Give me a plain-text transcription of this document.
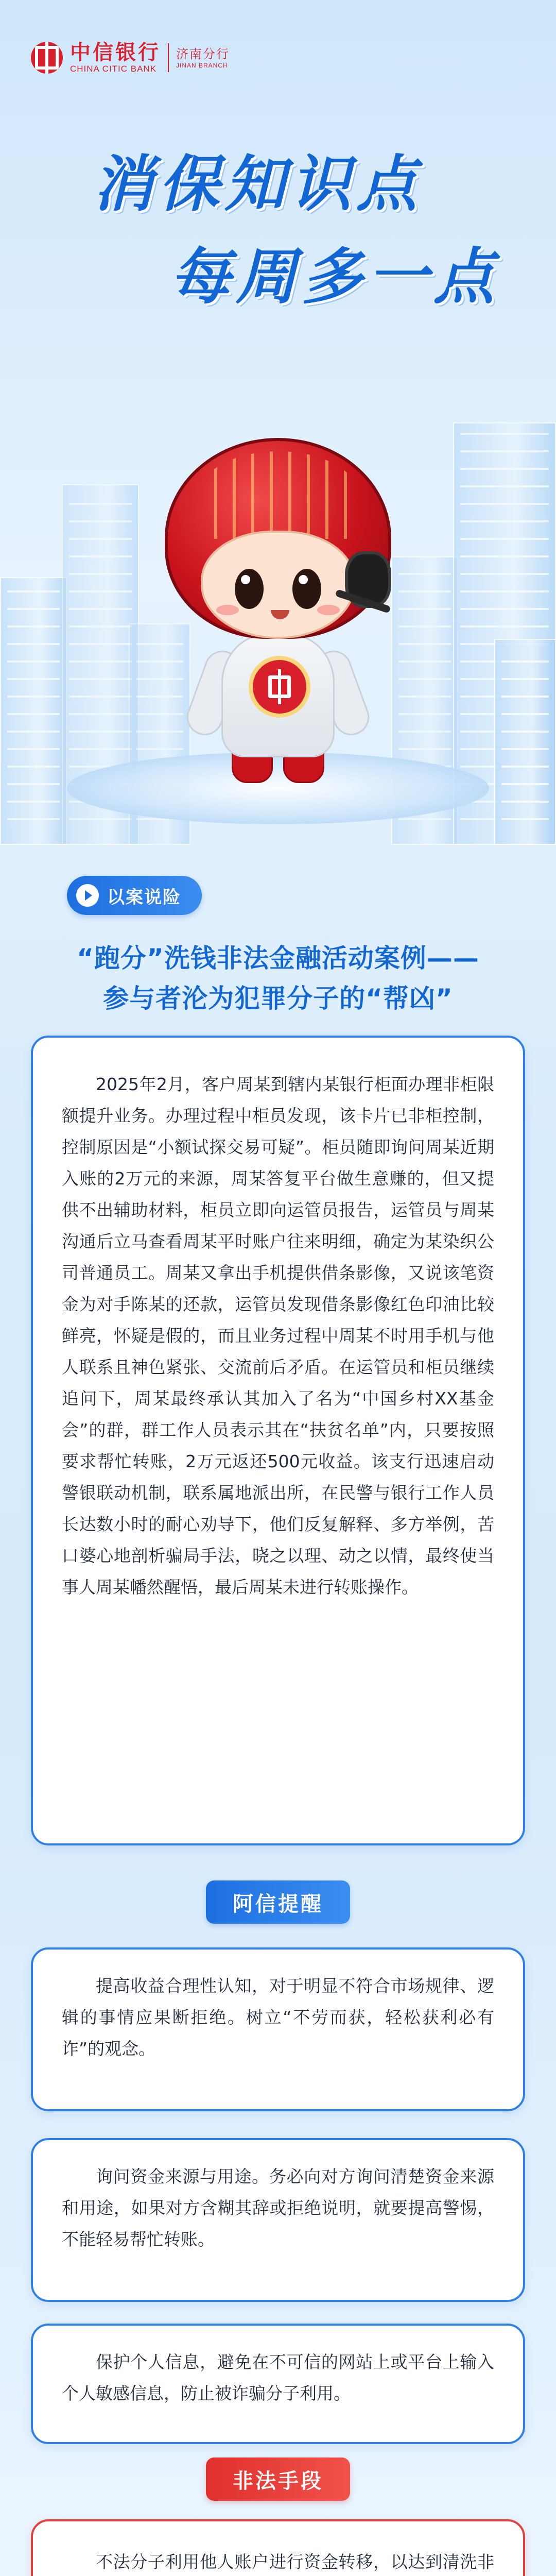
中信银行
CHINA CITIC BANK
济南分行
JINAN BRANCH
消保知识点
每周多一点
以案说险
“跑分”洗钱非法金融活动案例——
参与者沦为犯罪分子的“帮凶”

2025年2月，客户周某到辖内某银行柜面办理非柜限额提升业务。办理过程中柜员发现，该卡片已非柜控制，控制原因是“小额试探交易可疑”。柜员随即询问周某近期入账的2万元的来源，周某答复平台做生意赚的，但又提供不出辅助材料，柜员立即向运管员报告，运管员与周某沟通后立马查看周某平时账户往来明细，确定为某染织公司普通员工。周某又拿出手机提供借条影像，又说该笔资金为对手陈某的还款，运管员发现借条影像红色印油比较鲜亮，怀疑是假的，而且业务过程中周某不时用手机与他人联系且神色紧张、交流前后矛盾。在运管员和柜员继续追问下，周某最终承认其加入了名为“中国乡村XX基金会”的群，群工作人员表示其在“扶贫名单”内，只要按照要求帮忙转账，2万元返还500元收益。该支行迅速启动警银联动机制，联系属地派出所，在民警与银行工作人员长达数小时的耐心劝导下，他们反复解释、多方举例，苦口婆心地剖析骗局手法，晓之以理、动之以情，最终使当事人周某幡然醒悟，最后周某未进行转账操作。

阿信提醒

提高收益合理性认知，对于明显不符合市场规律、逻辑的事情应果断拒绝。树立“不劳而获，轻松获利必有诈”的观念。

询问资金来源与用途。务必向对方询问清楚资金来源和用途，如果对方含糊其辞或拒绝说明，就要提高警惕，不能轻易帮忙转账。

保护个人信息，避免在不可信的网站上或平台上输入个人敏感信息，防止被诈骗分子利用。

非法手段

不法分子利用他人账户进行资金转移，以达到清洗非
